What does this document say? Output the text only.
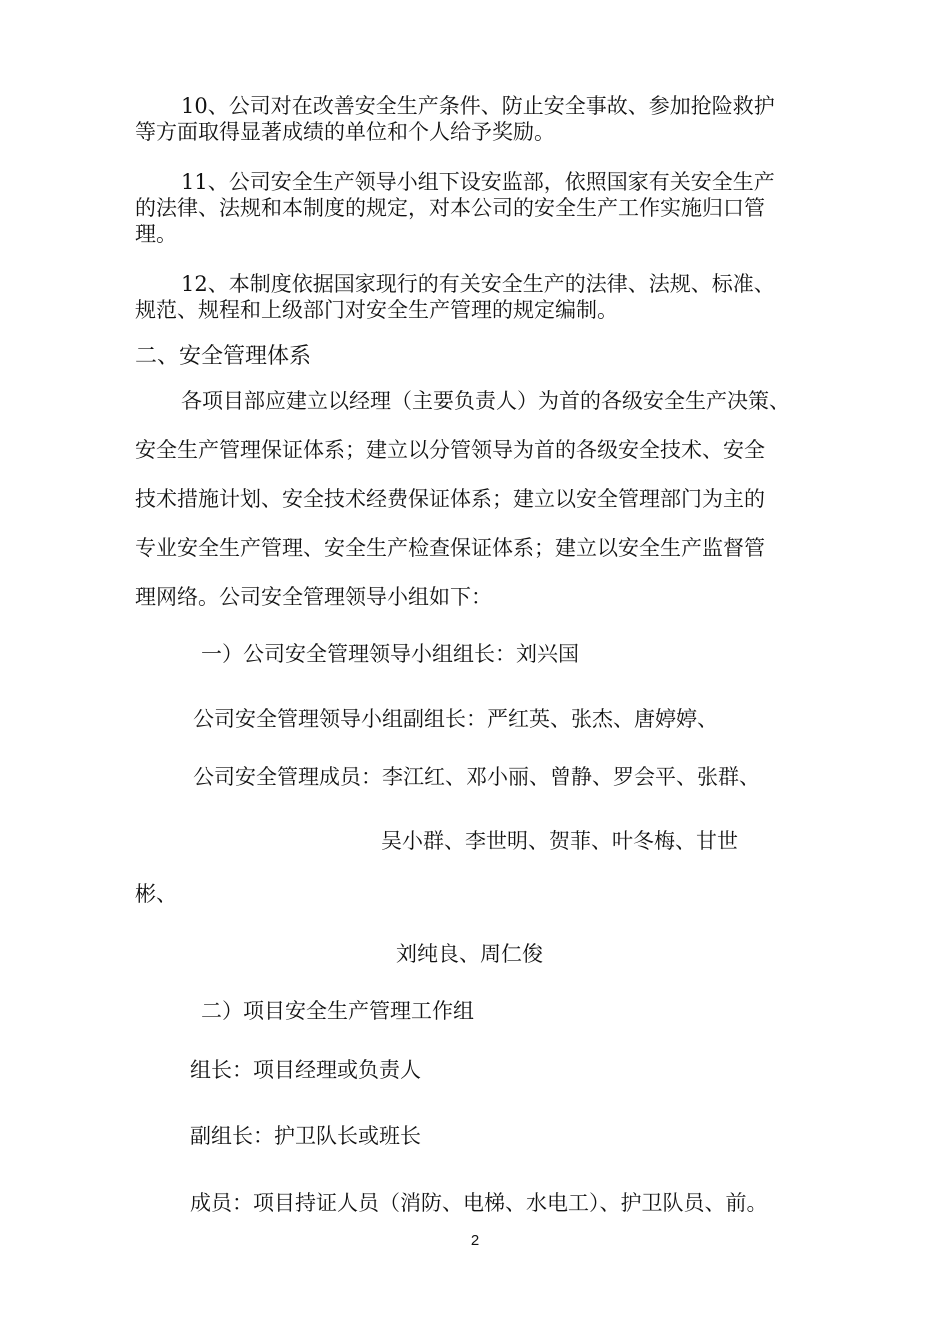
10、公司对在改善安全生产条件、防止安全事故、参加抢险救护
等方面取得显著成绩的单位和个人给予奖励。
11、公司安全生产领导小组下设安监部，依照国家有关安全生产
的法律、法规和本制度的规定，对本公司的安全生产工作实施归口管
理。
12、本制度依据国家现行的有关安全生产的法律、法规、标准、
规范、规程和上级部门对安全生产管理的规定编制。
二、安全管理体系
各项目部应建立以经理（主要负责人）为首的各级安全生产决策、
安全生产管理保证体系；建立以分管领导为首的各级安全技术、安全
技术措施计划、安全技术经费保证体系；建立以安全管理部门为主的
专业安全生产管理、安全生产检查保证体系；建立以安全生产监督管
理网络。公司安全管理领导小组如下：
一）公司安全管理领导小组组长：刘兴国
公司安全管理领导小组副组长：严红英、张杰、唐婷婷、
公司安全管理成员：李江红、邓小丽、曾静、罗会平、张群、
吴小群、李世明、贺菲、叶冬梅、甘世
彬、
刘纯良、周仁俊
二）项目安全生产管理工作组
组长：项目经理或负责人
副组长：护卫队长或班长
成员：项目持证人员（消防、电梯、水电工）、护卫队员、前。
2
